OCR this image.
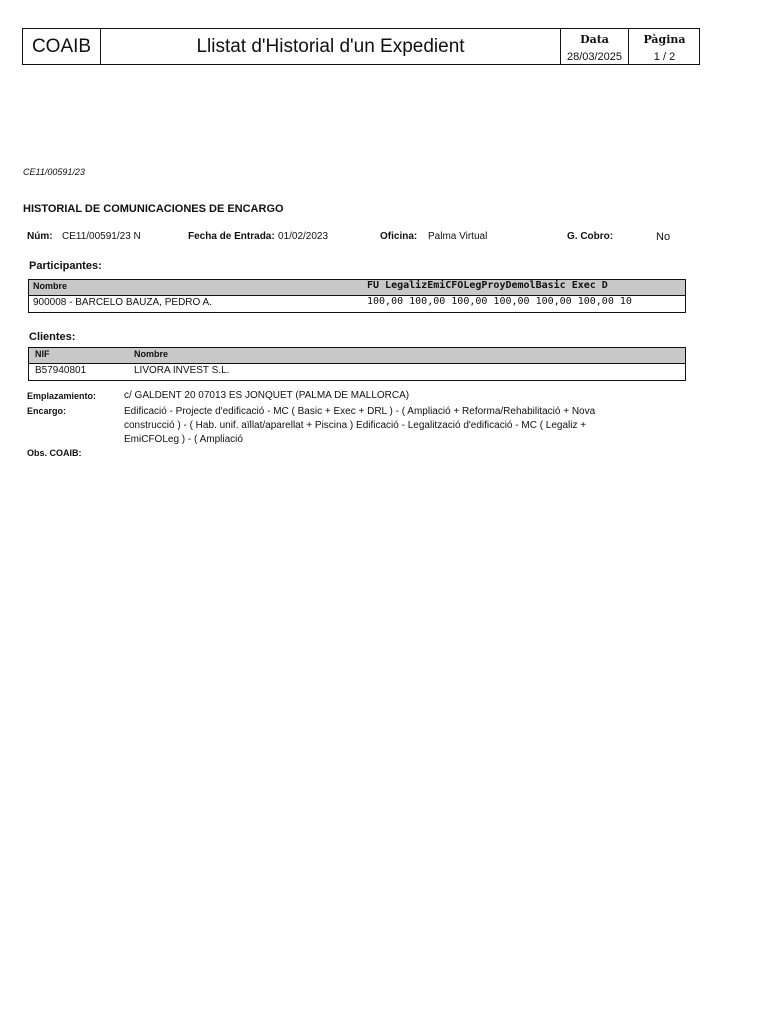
COAIB	Llistat d'Historial d'un Expedient	Data
28/03/2025
Pàgina
1 / 2
CE11/00591/23
HISTORIAL DE COMUNICACIONES DE ENCARGO
Núm: CE11/00591/23 N	Fecha de Entrada: 01/02/2023	Oficina: Palma Virtual	G. Cobro:	No
Participantes:
Nombre	FU LegalizEmiCFOLegProyDemolBasic Exec D
900008 - BARCELO BAUZA, PEDRO A.	100,00 100,00 100,00 100,00 100,00 100,00 10
Clientes:
NIF	Nombre
B57940801	LIVORA INVEST S.L.
Emplazamiento:	c/ GALDENT 20 07013 ES JONQUET (PALMA DE MALLORCA)
Encargo:	Edificació - Projecte d'edificació - MC ( Basic + Exec + DRL ) - ( Ampliació + Reforma/Rehabilitació + Nova
construcció ) - ( Hab. unif. aïllat/aparellat + Piscina ) Edificació - Legalització d'edificació - MC ( Legaliz +
EmiCFOLeg ) - ( Ampliació
Obs. COAIB:
